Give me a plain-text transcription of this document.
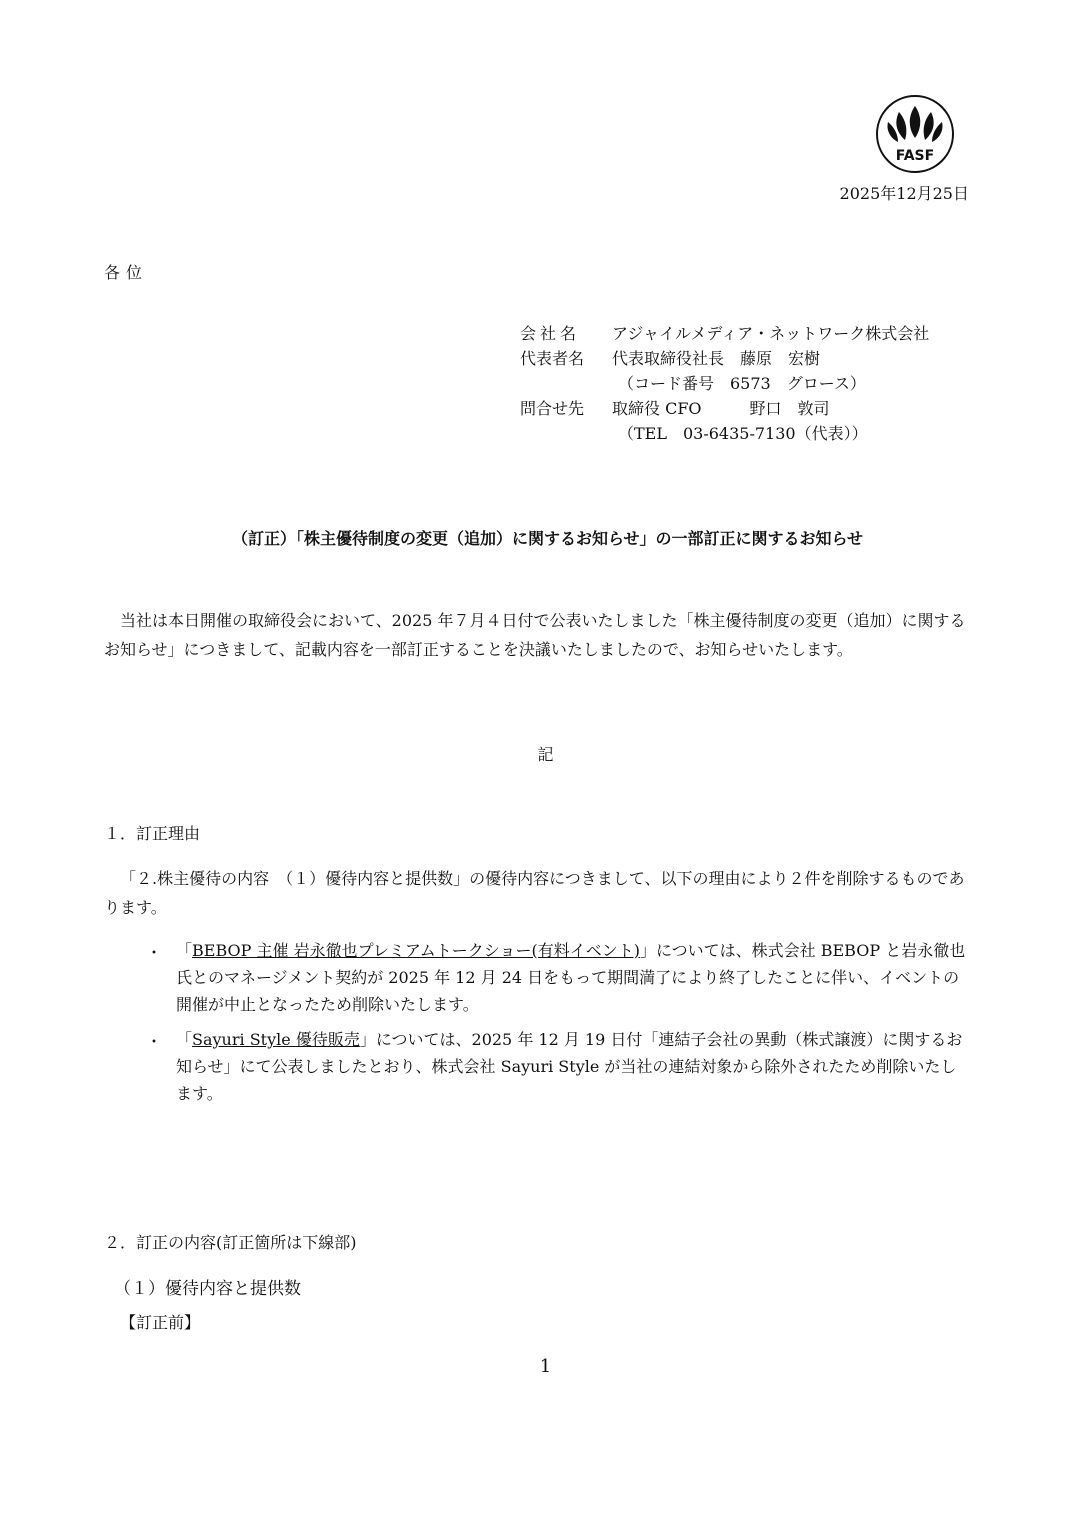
FASF
2025年12月25日
各位
会社名	アジャイルメディア・ネットワーク株式会社
代表者名	代表取締役社長　藤原　宏樹
（コード番号　6573　グロース）
問合せ先	取締役 CFO　　　野口　敦司
（TEL　03-6435-7130（代表））
（訂正）「株主優待制度の変更（追加）に関するお知らせ」の一部訂正に関するお知らせ
当社は本日開催の取締役会において、2025 年７月４日付で公表いたしました「株主優待制度の変更（追加）に関するお知らせ」につきまして、記載内容を一部訂正することを決議いたしましたので、お知らせいたします。
記
１．訂正理由
「２.株主優待の内容　（１）優待内容と提供数」の優待内容につきまして、以下の理由により２件を削除するものであります。
・ 「BEBOP 主催 岩永徹也プレミアムトークショー(有料イベント)」については、株式会社 BEBOP と岩永徹也氏とのマネージメント契約が 2025 年 12 月 24 日をもって期間満了により終了したことに伴い、イベントの開催が中止となったため削除いたします。
・ 「Sayuri Style 優待販売」については、2025 年 12 月 19 日付「連結子会社の異動（株式譲渡）に関するお知らせ」にて公表しましたとおり、株式会社 Sayuri Style が当社の連結対象から除外されたため削除いたします。
２．訂正の内容(訂正箇所は下線部)
（１）優待内容と提供数
【訂正前】
1
